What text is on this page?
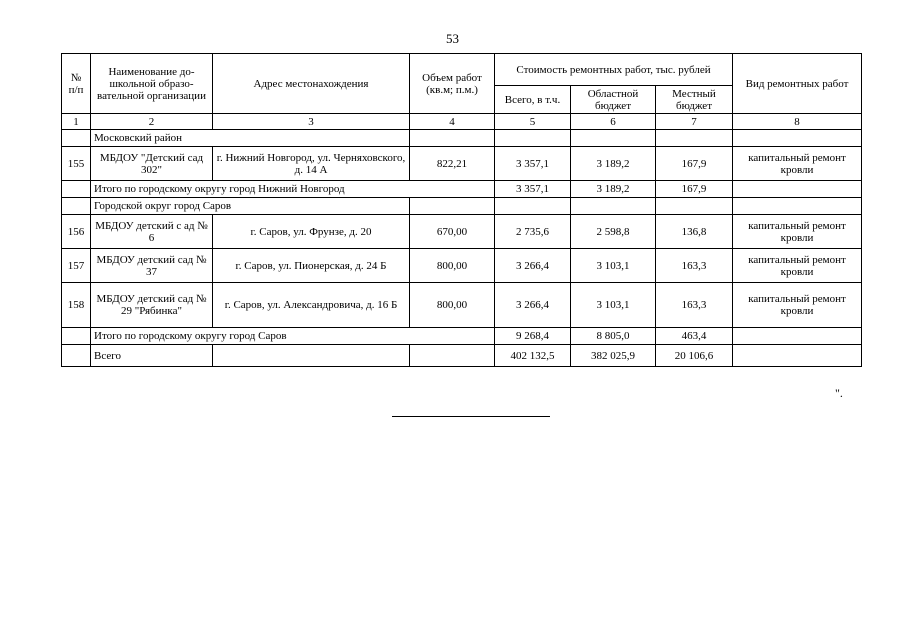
53
№ п/п	Наименование до-школьной образо-вательной организации	Адрес местонахождения	Объем работ (кв.м; п.м.)	Стоимость ремонтных работ, тыс. рублей			Вид ремонтных работ
				Всего, в т.ч.	Областной бюджет	Местный бюджет	
1	2	3	4	5	6	7	8
	Московский район						
155	МБДОУ "Детский сад 302"	г. Нижний Новгород, ул. Черняховского, д. 14 А	822,21	3 357,1	3 189,2	167,9	капитальный ремонт кровли
	Итого по городскому округу город Нижний Новгород			3 357,1	3 189,2	167,9	
	Городской округ город Саров						
156	МБДОУ детский с ад № 6	г. Саров, ул. Фрунзе, д. 20	670,00	2 735,6	2 598,8	136,8	капитальный ремонт кровли
157	МБДОУ детский сад № 37	г. Саров, ул. Пионерская, д. 24 Б	800,00	3 266,4	3 103,1	163,3	капитальный ремонт кровли
158	МБДОУ детский сад № 29 "Рябинка"	г. Саров, ул. Александровича, д. 16 Б	800,00	3 266,4	3 103,1	163,3	капитальный ремонт кровли
	Итого по городскому округу город Саров			9 268,4	8 805,0	463,4	
	Всего			402 132,5	382 025,9	20 106,6	
".
